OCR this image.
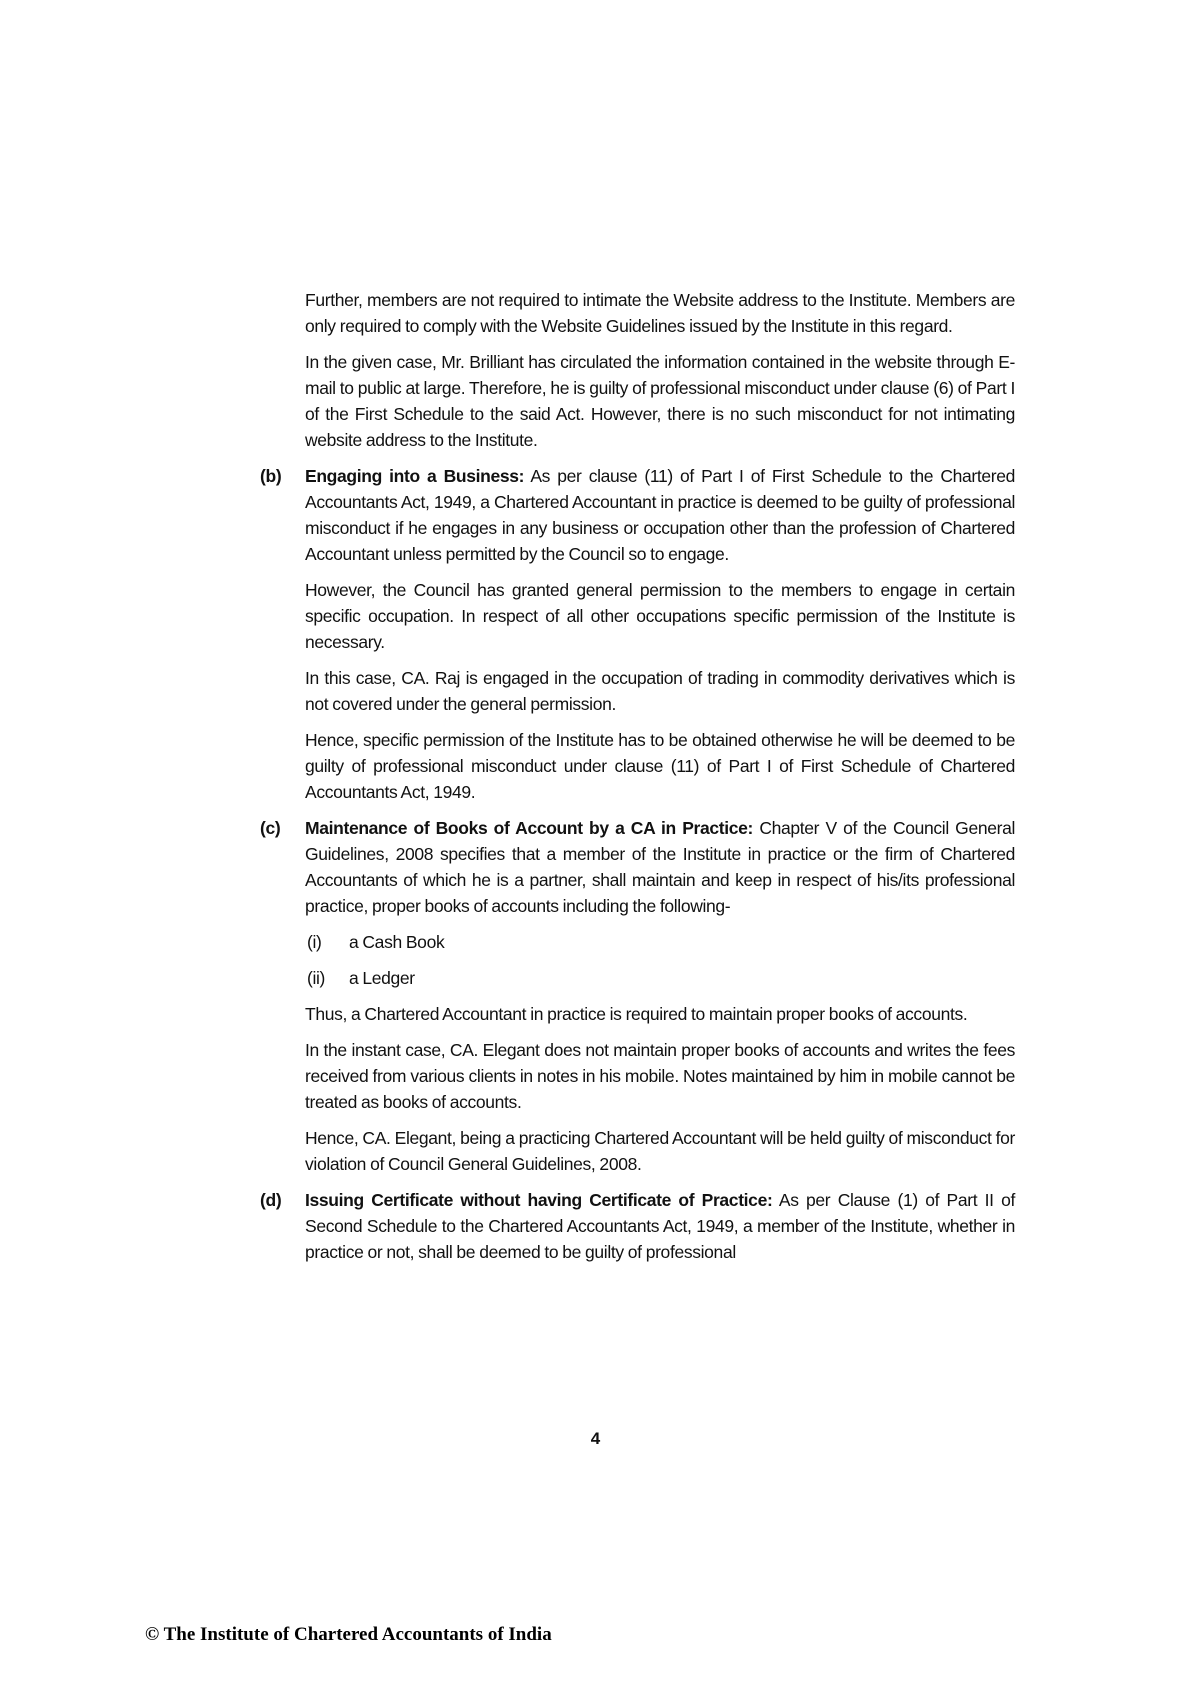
Further, members are not required to intimate the Website address to the Institute. Members are only required to comply with the Website Guidelines issued by the Institute in this regard.

In the given case, Mr. Brilliant has circulated the information contained in the website through E-mail to public at large. Therefore, he is guilty of professional misconduct under clause (6) of Part I of the First Schedule to the said Act. However, there is no such misconduct for not intimating website address to the Institute.

(b) Engaging into a Business: As per clause (11) of Part I of First Schedule to the Chartered Accountants Act, 1949, a Chartered Accountant in practice is deemed to be guilty of professional misconduct if he engages in any business or occupation other than the profession of Chartered Accountant unless permitted by the Council so to engage.

However, the Council has granted general permission to the members to engage in certain specific occupation. In respect of all other occupations specific permission of the Institute is necessary.

In this case, CA. Raj is engaged in the occupation of trading in commodity derivatives which is not covered under the general permission.

Hence, specific permission of the Institute has to be obtained otherwise he will be deemed to be guilty of professional misconduct under clause (11) of Part I of First Schedule of Chartered Accountants Act, 1949.

(c) Maintenance of Books of Account by a CA in Practice: Chapter V of the Council General Guidelines, 2008 specifies that a member of the Institute in practice or the firm of Chartered Accountants of which he is a partner, shall maintain and keep in respect of his/its professional practice, proper books of accounts including the following-
(i) a Cash Book
(ii) a Ledger

Thus, a Chartered Accountant in practice is required to maintain proper books of accounts.

In the instant case, CA. Elegant does not maintain proper books of accounts and writes the fees received from various clients in notes in his mobile. Notes maintained by him in mobile cannot be treated as books of accounts.

Hence, CA. Elegant, being a practicing Chartered Accountant will be held guilty of misconduct for violation of Council General Guidelines, 2008.

(d) Issuing Certificate without having Certificate of Practice: As per Clause (1) of Part II of Second Schedule to the Chartered Accountants Act, 1949, a member of the Institute, whether in practice or not, shall be deemed to be guilty of professional
4
© The Institute of Chartered Accountants of India
